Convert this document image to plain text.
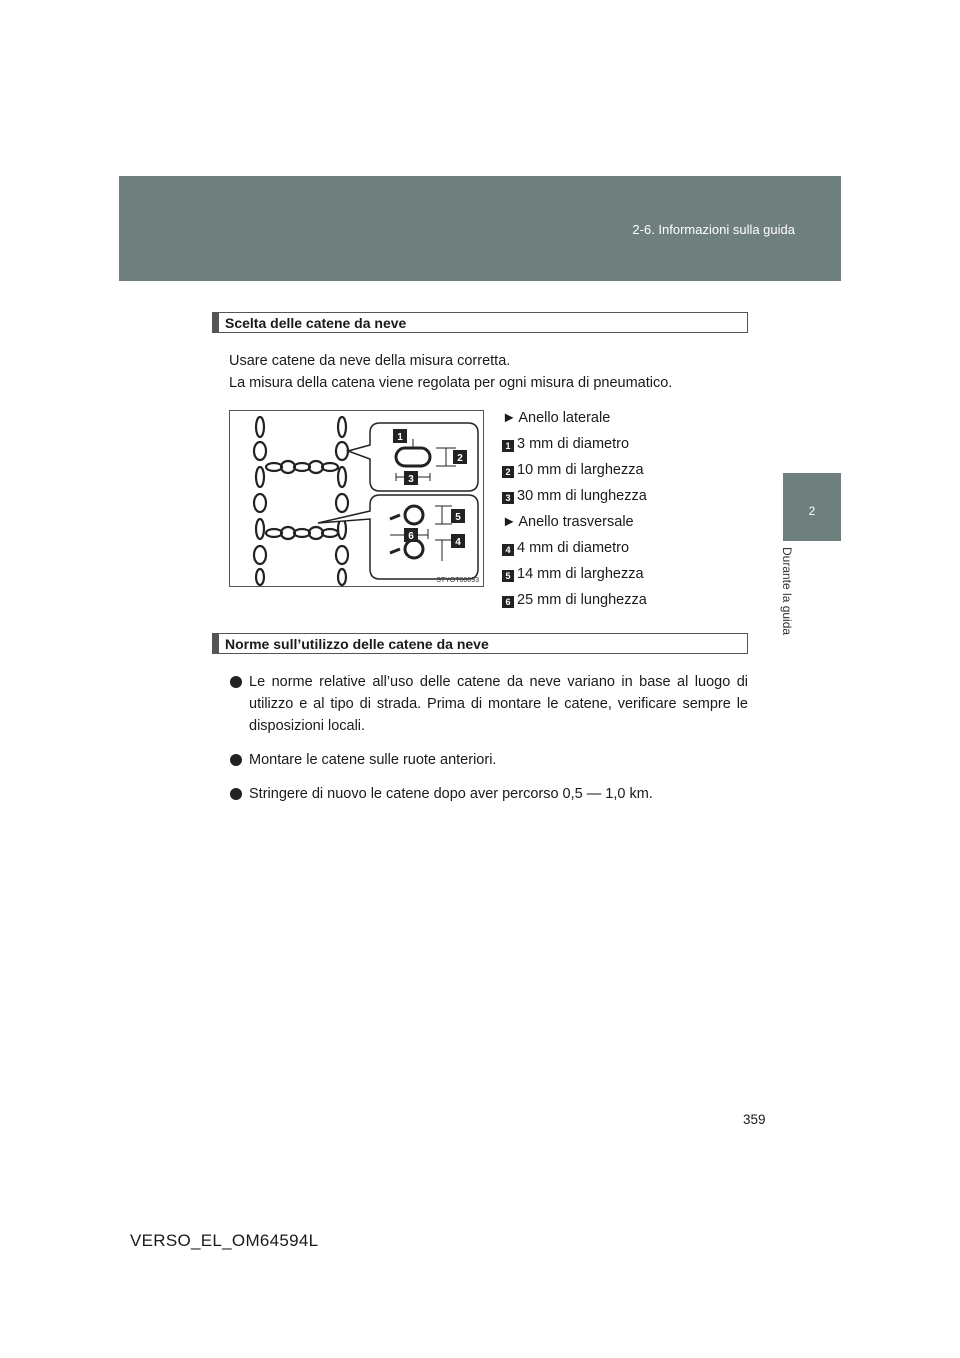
2-6. Informazioni sulla guida
2
Durante la guida
Scelta delle catene da neve
Usare catene da neve della misura corretta.
La misura della catena viene regolata per ogni misura di pneumatico.
1
2
3
4
5
6
STYOT00093
► Anello laterale
1 3 mm di diametro
2 10 mm di larghezza
3 30 mm di lunghezza
► Anello trasversale
4 4 mm di diametro
5 14 mm di larghezza
6 25 mm di lunghezza
Norme sull’utilizzo delle catene da neve
Le norme relative all’uso delle catene da neve variano in base al luogo di utilizzo e al tipo di strada. Prima di montare le catene, verificare sempre le disposizioni locali.
Montare le catene sulle ruote anteriori.
Stringere di nuovo le catene dopo aver percorso 0,5 — 1,0 km.
359
VERSO_EL_OM64594L
